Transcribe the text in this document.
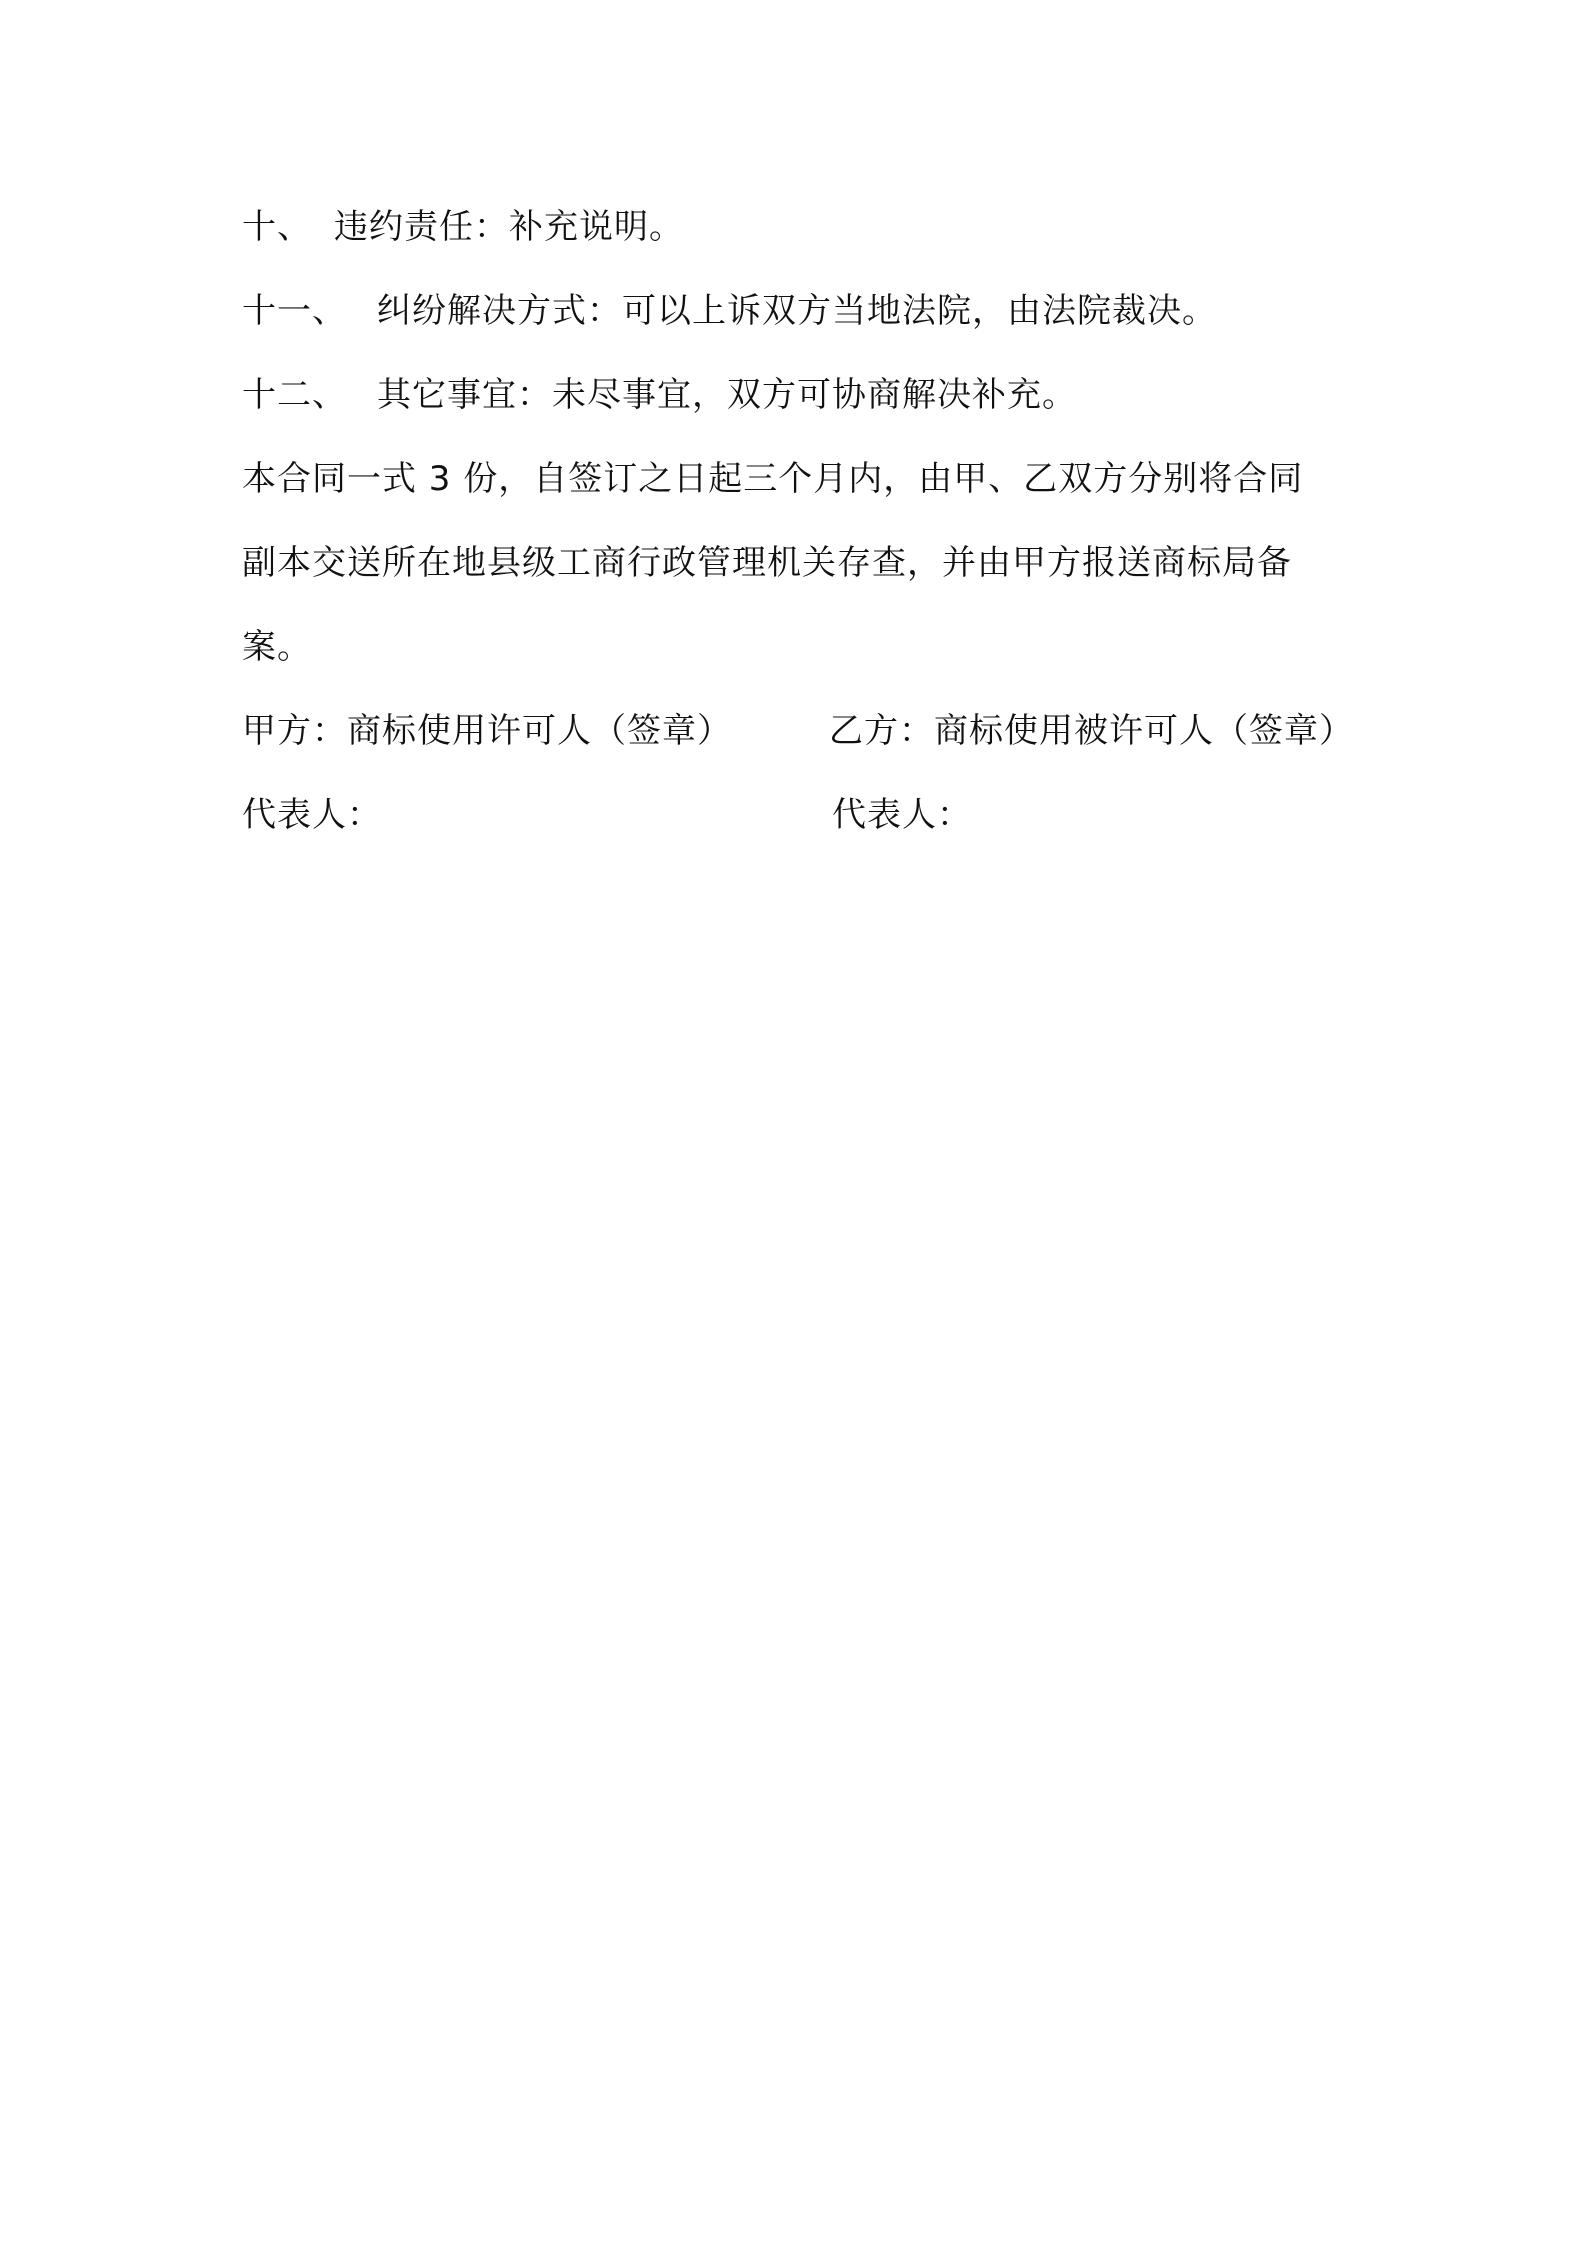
十、 违约责任：补充说明。
十一、 纠纷解决方式：可以上诉双方当地法院，由法院裁决。
十二、 其它事宜：未尽事宜，双方可协商解决补充。
本合同一式 3 份，自签订之日起三个月内，由甲、乙双方分别将合同
副本交送所在地县级工商行政管理机关存查，并由甲方报送商标局备
案。
甲方：商标使用许可人（签章）	乙方：商标使用被许可人（签章）
代表人：	代表人：
